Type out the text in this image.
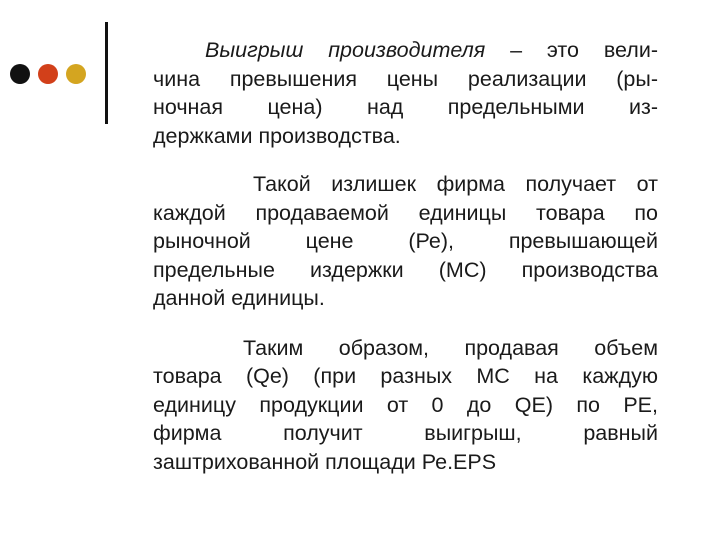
Выигрыш производителя – это вели-
чина превышения цены реализации (ры-
ночная цена) над предельными из-
держками производства.

Такой излишек фирма получает от
каждой продаваемой единицы товара по
рыночной цене (Ре), превышающей
предельные издержки (МС) производства
данной единицы.

Таким образом, продавая объем
товара (Qe) (при разных МС на каждую
единицу продукции от 0 до QE) по РЕ,
фирма получит выигрыш, равный
заштрихованной площади Ре.EPS
